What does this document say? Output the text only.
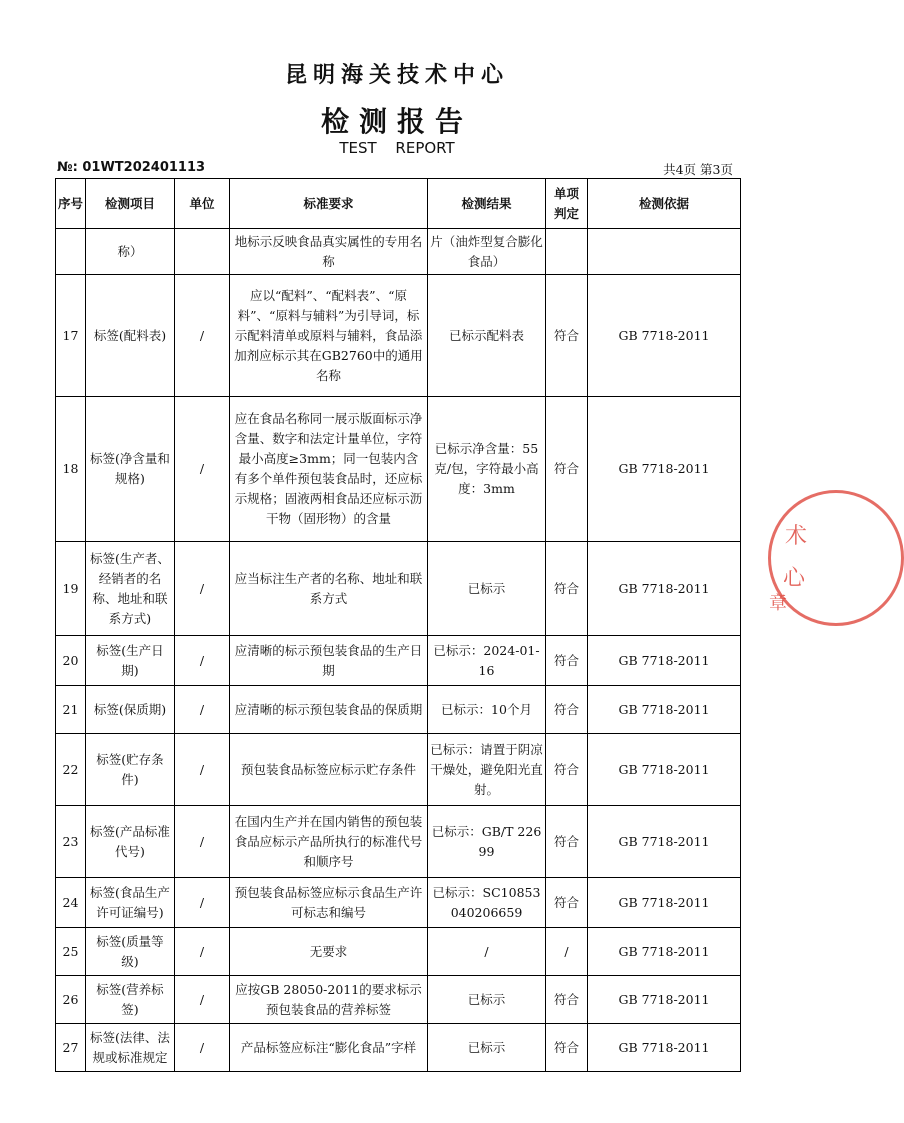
昆明海关技术中心
检测报告
TEST REPORT
№: 01WT202401113	共4页 第3页
序号	检测项目	单位	标准要求	检测结果	单项判定	检测依据
	称）		地标示反映食品真实属性的专用名称	片（油炸型复合膨化食品）		
17	标签(配料表)	/	应以“配料”、“配料表”、“原料”、“原料与辅料”为引导词，标示配料清单或原料与辅料，食品添加剂应标示其在GB2760中的通用名称	已标示配料表	符合	GB 7718-2011
18	标签(净含量和规格)	/	应在食品名称同一展示版面标示净含量、数字和法定计量单位，字符最小高度≥3mm；同一包装内含有多个单件预包装食品时，还应标示规格；固液两相食品还应标示沥干物（固形物）的含量	已标示净含量：55克/包，字符最小高度：3mm	符合	GB 7718-2011
19	标签(生产者、经销者的名称、地址和联系方式)	/	应当标注生产者的名称、地址和联系方式	已标示	符合	GB 7718-2011
20	标签(生产日期)	/	应清晰的标示预包装食品的生产日期	已标示：2024-01-16	符合	GB 7718-2011
21	标签(保质期)	/	应清晰的标示预包装食品的保质期	已标示：10个月	符合	GB 7718-2011
22	标签(贮存条件)	/	预包装食品标签应标示贮存条件	已标示：请置于阴凉干燥处，避免阳光直射。	符合	GB 7718-2011
23	标签(产品标准代号)	/	在国内生产并在国内销售的预包装食品应标示产品所执行的标准代号和顺序号	已标示：GB/T 22699	符合	GB 7718-2011
24	标签(食品生产许可证编号)	/	预包装食品标签应标示食品生产许可标志和编号	已标示：SC10853040206659	符合	GB 7718-2011
25	标签(质量等级)	/	无要求	/	/	GB 7718-2011
26	标签(营养标签)	/	应按GB 28050-2011的要求标示预包装食品的营养标签	已标示	符合	GB 7718-2011
27	标签(法律、法规或标准规定	/	产品标签应标注“膨化食品”字样	已标示	符合	GB 7718-2011
术
心
章
